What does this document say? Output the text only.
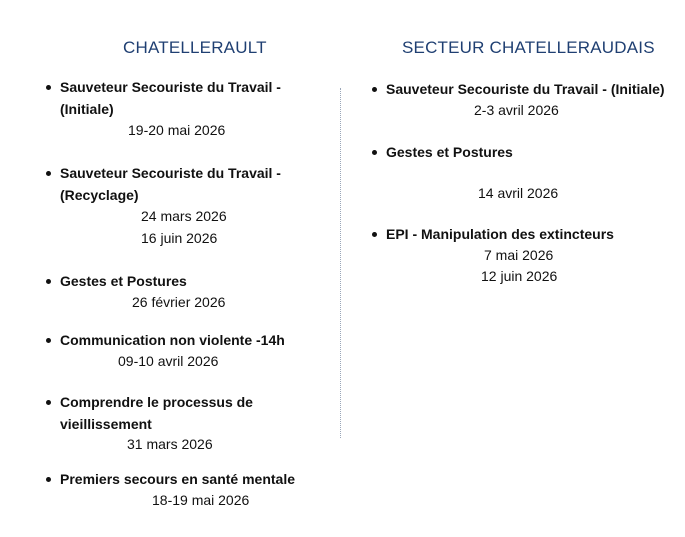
CHATELLERAULT
Sauveteur Secouriste du Travail - (Initiale)
19-20 mai 2026
Sauveteur Secouriste du Travail - (Recyclage)
24 mars 2026
16 juin 2026
Gestes et Postures
26 février 2026
Communication non violente -14h
09-10 avril 2026
Comprendre le processus de vieillissement
31 mars 2026
Premiers secours en santé mentale
18-19 mai 2026
SECTEUR CHATELLERAUDAIS
Sauveteur Secouriste du Travail - (Initiale)
2-3 avril 2026
Gestes et Postures
14 avril 2026
EPI - Manipulation des extincteurs
7 mai 2026
12 juin 2026
